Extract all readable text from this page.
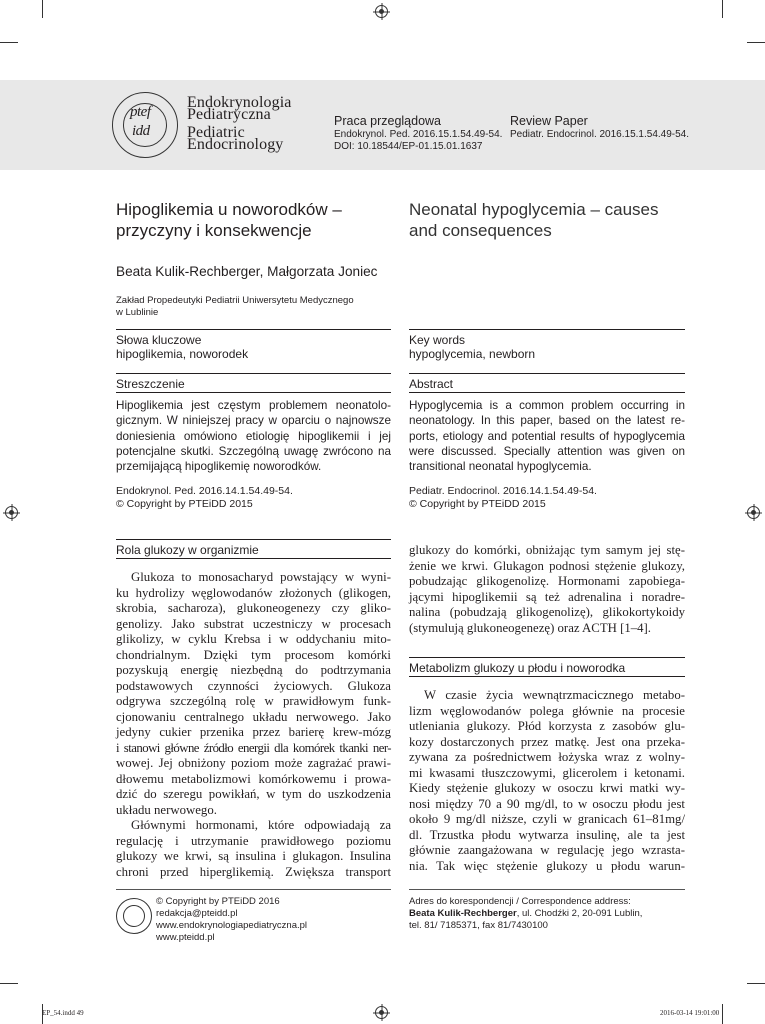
ptef
idd
Endokrynologia
Pediatryczna
Pediatric
Endocrinology
Praca przeglądowa
Endokrynol. Ped. 2016.15.1.54.49-54.
DOI: 10.18544/EP-01.15.01.1637
Review Paper
Pediatr. Endocrinol. 2016.15.1.54.49-54.
Hipoglikemia u noworodków –
przyczyny i konsekwencje
Neonatal hypoglycemia – causes
and consequences
Beata Kulik-Rechberger, Małgorzata Joniec
Zakład Propedeutyki Pediatrii Uniwersytetu Medycznego
w Lublinie
Słowa kluczowe
hipoglikemia, noworodek
Key words
hypoglycemia, newborn
Streszczenie	Abstract
Hipoglikemia jest częstym problemem neonatolo-
gicznym. W niniejszej pracy w oparciu o najnowsze
doniesienia omówiono etiologię hipoglikemii i jej
potencjalne skutki. Szczególną uwagę zwrócono na
przemijającą hipoglikemię noworodków.
Endokrynol. Ped. 2016.14.1.54.49-54.
© Copyright by PTEiDD 2015
Hypoglycemia is a common problem occurring in
neonatology. In this paper, based on the latest re-
ports, etiology and potential results of hypoglycemia
were discussed. Specially attention was given on
transitional neonatal hypoglycemia.
Pediatr. Endocrinol. 2016.14.1.54.49-54.
© Copyright by PTEiDD 2015
Rola glukozy w organizmie
Glukoza to monosacharyd powstający w wyni-
ku hydrolizy węglowodanów złożonych (glikogen,
skrobia, sacharoza), glukoneogenezy czy gliko-
genolizy. Jako substrat uczestniczy w procesach
glikolizy, w cyklu Krebsa i w oddychaniu mito-
chondrialnym. Dzięki tym procesom komórki
pozyskują energię niezbędną do podtrzymania
podstawowych czynności życiowych. Glukoza
odgrywa szczególną rolę w prawidłowym funk-
cjonowaniu centralnego układu nerwowego. Jako
jedyny cukier przenika przez barierę krew-mózg
i stanowi główne źródło energii dla komórek tkanki ner-
wowej. Jej obniżony poziom może zagrażać prawi-
dłowemu metabolizmowi komórkowemu i prowa-
dzić do szeregu powikłań, w tym do uszkodzenia
układu nerwowego.
Głównymi hormonami, które odpowiadają za
regulację i utrzymanie prawidłowego poziomu
glukozy we krwi, są insulina i glukagon. Insulina
chroni przed hiperglikemią. Zwiększa transport
glukozy do komórki, obniżając tym samym jej stę-
żenie we krwi. Glukagon podnosi stężenie glukozy,
pobudzając glikogenolizę. Hormonami zapobiega-
jącymi hipoglikemii są też adrenalina i noradre-
nalina (pobudzają glikogenolizę), glikokortykoidy
(stymulują glukoneogenezę) oraz ACTH [1–4].
Metabolizm glukozy u płodu i noworodka
W czasie życia wewnątrzmacicznego metabo-
lizm węglowodanów polega głównie na procesie
utleniania glukozy. Płód korzysta z zasobów glu-
kozy dostarczonych przez matkę. Jest ona przeka-
zywana za pośrednictwem łożyska wraz z wolny-
mi kwasami tłuszczowymi, glicerolem i ketonami.
Kiedy stężenie glukozy w osoczu krwi matki wy-
nosi między 70 a 90 mg/dl, to w osoczu płodu jest
około 9 mg/dl niższe, czyli w granicach 61–81mg/
dl. Trzustka płodu wytwarza insulinę, ale ta jest
głównie zaangażowana w regulację jego wzrasta-
nia. Tak więc stężenie glukozy u płodu warun-
© Copyright by PTEiDD 2016
redakcja@pteidd.pl
www.endokrynologiapediatryczna.pl
www.pteidd.pl
Adres do korespondencji / Correspondence address:
Beata Kulik-Rechberger, ul. Chodźki 2, 20-091 Lublin,
tel. 81/ 7185371, fax 81/7430100
EP_54.indd 49	2016-03-14 19:01:00
